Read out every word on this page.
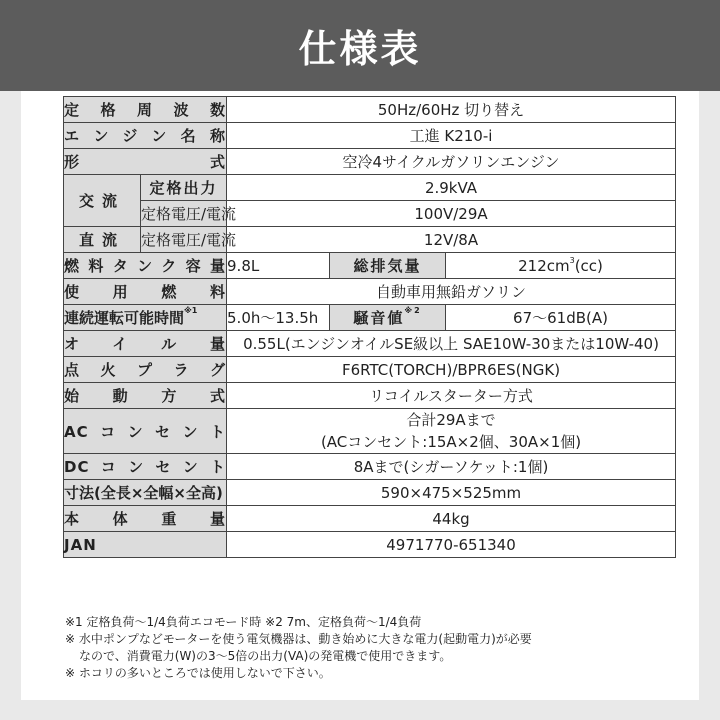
仕様表
定格周波数		50Hz/60Hz 切り替え		
エンジン名称		工進 K210-i		
形式		空冷4サイクルガソリンエンジン		
交流	定格出力	2.9kVA		
	定格電圧/電流	100V/29A		
直流	定格電圧/電流	12V/8A		
燃料タンク容量		9.8L	総排気量	$212cm^3(cc)$
使用燃料		自動車用無鉛ガソリン		
連続運転可能時間$^{※1}$		5.0h〜13.5h	騒音値$^{※2}$	67〜61dB(A)
オイル量		0.55L(エンジンオイルSE級以上 SAE10W-30または10W-40)		
点火プラグ		F6RTC(TORCH)/BPR6ES(NGK)		
始動方式		リコイルスターター方式		
ACコンセント		合計29Aまで
(ACコンセント:15A×2個、30A×1個)		

DCコンセント		8Aまで(シガーソケット:1個)		
寸法(全長×全幅×全高)		590×475×525mm		
本体重量		44kg		
JAN		4971770-651340		
※1 定格負荷〜1/4負荷エコモード時 ※2 7m、定格負荷〜1/4負荷
※ 水中ポンプなどモーターを使う電気機器は、動き始めに大きな電力(起動電力)が必要
なので、消費電力(W)の3〜5倍の出力(VA)の発電機で使用できます。
※ ホコリの多いところでは使用しないで下さい。
